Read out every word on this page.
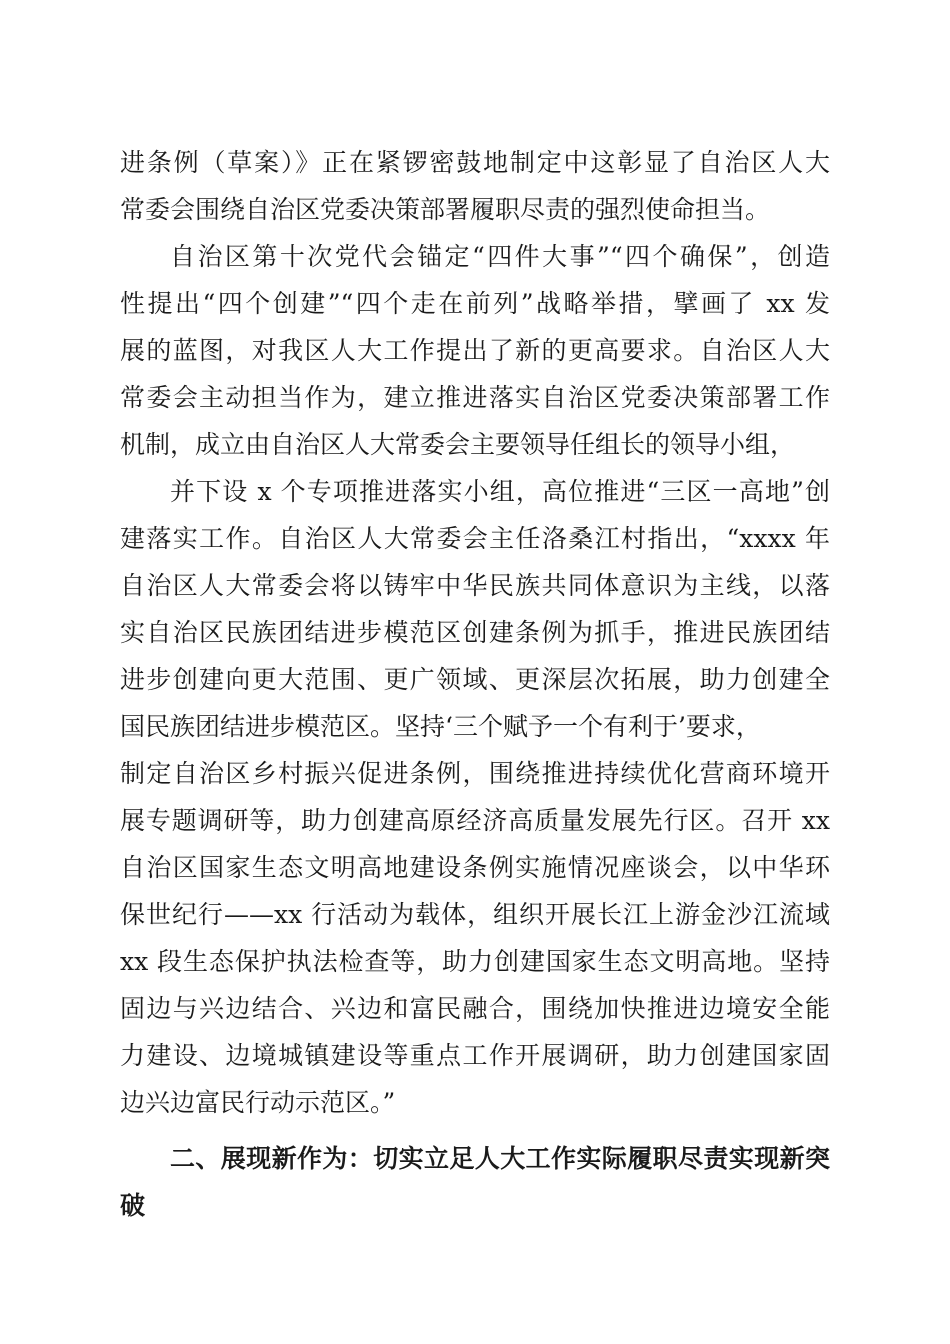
进条例（草案）》正在紧锣密鼓地制定中这彰显了自治区人大
常委会围绕自治区党委决策部署履职尽责的强烈使命担当。
自治区第十次党代会锚定“四件大事”“四个确保”，创造
性提出“四个创建”“四个走在前列”战略举措，擘画了 xx 发
展的蓝图，对我区人大工作提出了新的更高要求。自治区人大
常委会主动担当作为，建立推进落实自治区党委决策部署工作
机制，成立由自治区人大常委会主要领导任组长的领导小组，
并下设 x 个专项推进落实小组，高位推进“三区一高地”创
建落实工作。自治区人大常委会主任洛桑江村指出，“xxxx 年
自治区人大常委会将以铸牢中华民族共同体意识为主线，以落
实自治区民族团结进步模范区创建条例为抓手，推进民族团结
进步创建向更大范围、更广领域、更深层次拓展，助力创建全
国民族团结进步模范区。坚持‘三个赋予一个有利于’要求，
制定自治区乡村振兴促进条例，围绕推进持续优化营商环境开
展专题调研等，助力创建高原经济高质量发展先行区。召开 xx
自治区国家生态文明高地建设条例实施情况座谈会，以中华环
保世纪行——xx 行活动为载体，组织开展长江上游金沙江流域
xx 段生态保护执法检查等，助力创建国家生态文明高地。坚持
固边与兴边结合、兴边和富民融合，围绕加快推进边境安全能
力建设、边境城镇建设等重点工作开展调研，助力创建国家固
边兴边富民行动示范区。”
二、展现新作为：切实立足人大工作实际履职尽责实现新突
破
